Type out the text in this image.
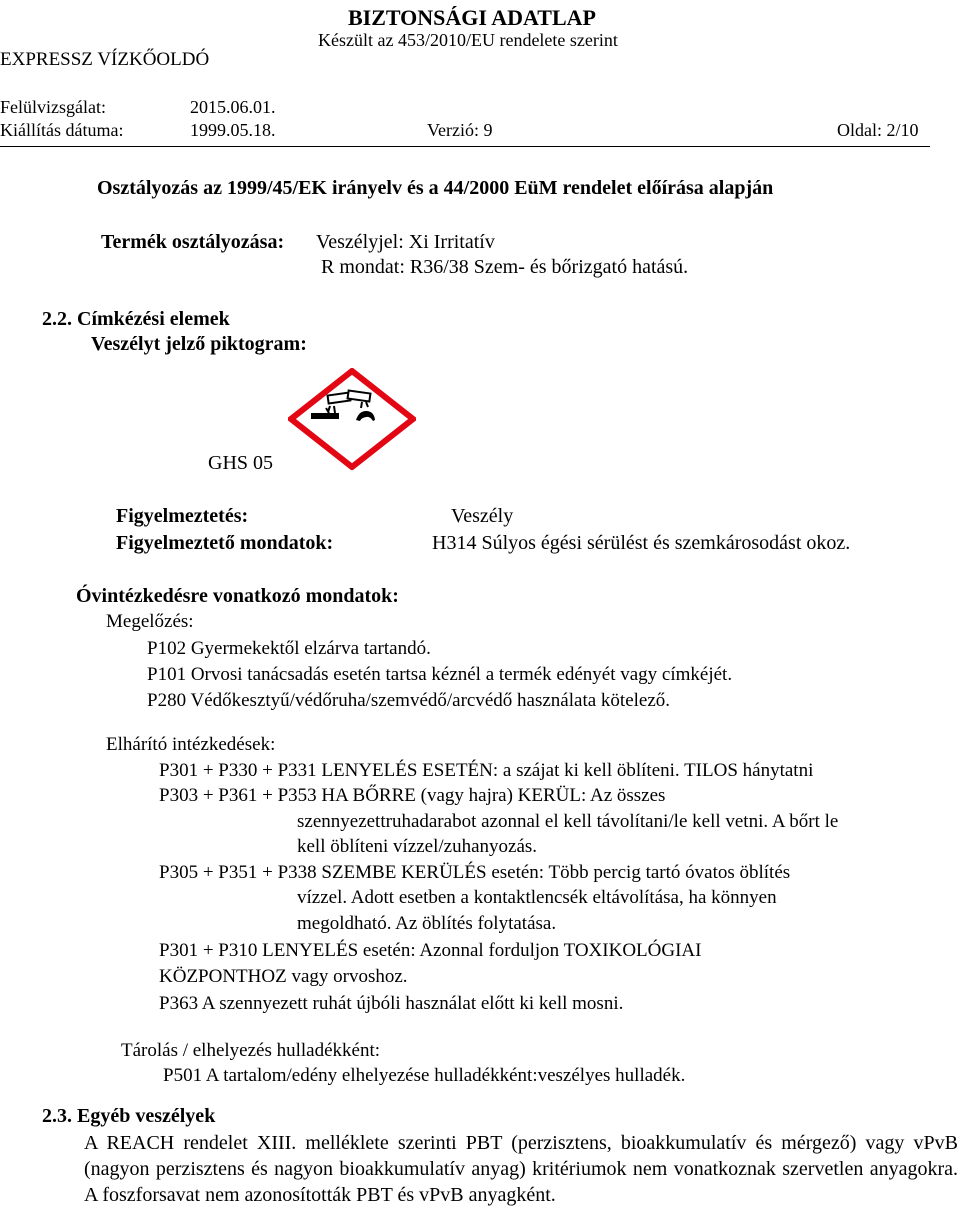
BIZTONSÁGI ADATLAP
Készült az 453/2010/EU rendelete szerint
EXPRESSZ VÍZKŐOLDÓ
Felülvizsgálat:	2015.06.01.
Kiállítás dátuma:	1999.05.18.	Verzió: 9	Oldal: 2/10
Osztályozás az 1999/45/EK irányelv és a 44/2000 EüM rendelet előírása alapján
Termék osztályozása: Veszélyjel: Xi Irritatív
R mondat: R36/38 Szem- és bőrizgató hatású.
2.2. Címkézési elemek
Veszélyt jelző piktogram:
GHS 05
Figyelmeztetés:	Veszély
Figyelmeztető mondatok:	H314 Súlyos égési sérülést és szemkárosodást okoz.
Óvintézkedésre vonatkozó mondatok:
Megelőzés:
P102 Gyermekektől elzárva tartandó.
P101 Orvosi tanácsadás esetén tartsa kéznél a termék edényét vagy címkéjét.
P280 Védőkesztyű/védőruha/szemvédő/arcvédő használata kötelező.
Elhárító intézkedések:
P301 + P330 + P331 LENYELÉS ESETÉN: a szájat ki kell öblíteni. TILOS hánytatni
P303 + P361 + P353 HA BŐRRE (vagy hajra) KERÜL: Az összes
szennyezettruhadarabot azonnal el kell távolítani/le kell vetni. A bőrt le
kell öblíteni vízzel/zuhanyozás.
P305 + P351 + P338 SZEMBE KERÜLÉS esetén: Több percig tartó óvatos öblítés
vízzel. Adott esetben a kontaktlencsék eltávolítása, ha könnyen
megoldható. Az öblítés folytatása.
P301 + P310 LENYELÉS esetén: Azonnal forduljon TOXIKOLÓGIAI
KÖZPONTHOZ vagy orvoshoz.
P363 A szennyezett ruhát újbóli használat előtt ki kell mosni.
Tárolás / elhelyezés hulladékként:
P501 A tartalom/edény elhelyezése hulladékként:veszélyes hulladék.
2.3. Egyéb veszélyek
A REACH rendelet XIII. melléklete szerinti PBT (perzisztens, bioakkumulatív és mérgező) vagy vPvB (nagyon perzisztens és nagyon bioakkumulatív anyag) kritériumok nem vonatkoznak szervetlen anyagokra. A foszforsavat nem azonosították PBT és vPvB anyagként.
